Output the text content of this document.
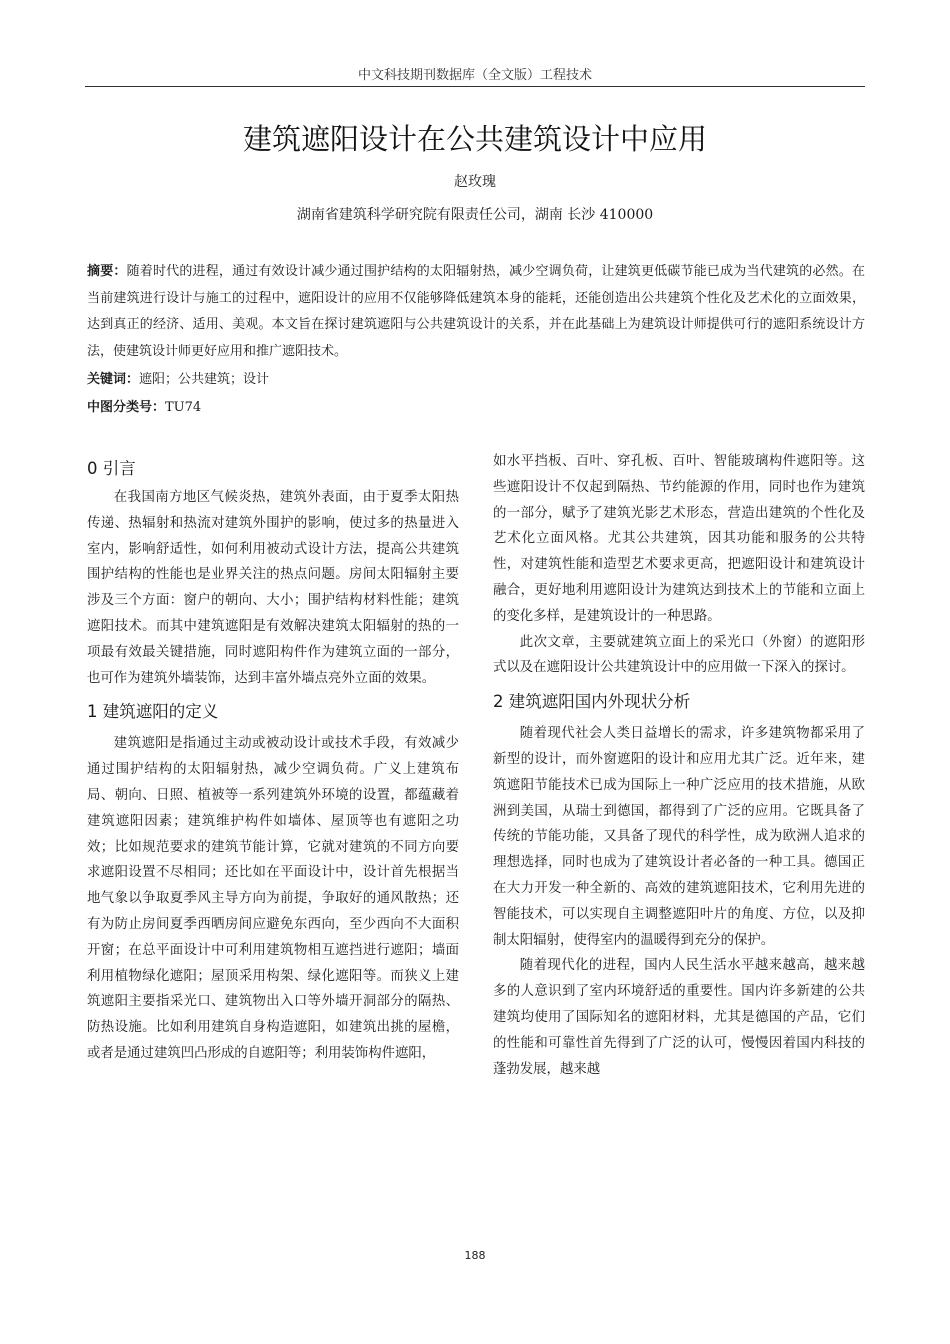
中文科技期刊数据库（全文版）工程技术
建筑遮阳设计在公共建筑设计中应用
赵玫瑰
湖南省建筑科学研究院有限责任公司，湖南 长沙 410000
摘要：随着时代的进程，通过有效设计减少通过围护结构的太阳辐射热，减少空调负荷，让建筑更低碳节能已成为当代建筑的必然。在当前建筑进行设计与施工的过程中，遮阳设计的应用不仅能够降低建筑本身的能耗，还能创造出公共建筑个性化及艺术化的立面效果，达到真正的经济、适用、美观。本文旨在探讨建筑遮阳与公共建筑设计的关系，并在此基础上为建筑设计师提供可行的遮阳系统设计方法，使建筑设计师更好应用和推广遮阳技术。
关键词：遮阳；公共建筑；设计
中图分类号：TU74
0 引言

在我国南方地区气候炎热，建筑外表面，由于夏季太阳热传递、热辐射和热流对建筑外围护的影响，使过多的热量进入室内，影响舒适性，如何利用被动式设计方法，提高公共建筑围护结构的性能也是业界关注的热点问题。房间太阳辐射主要涉及三个方面：窗户的朝向、大小；围护结构材料性能；建筑遮阳技术。而其中建筑遮阳是有效解决建筑太阳辐射的热的一项最有效最关键措施，同时遮阳构件作为建筑立面的一部分，也可作为建筑外墙装饰，达到丰富外墙点亮外立面的效果。

1 建筑遮阳的定义

建筑遮阳是指通过主动或被动设计或技术手段，有效减少通过围护结构的太阳辐射热，减少空调负荷。广义上建筑布局、朝向、日照、植被等一系列建筑外环境的设置，都蕴藏着建筑遮阳因素；建筑维护构件如墙体、屋顶等也有遮阳之功效；比如规范要求的建筑节能计算，它就对建筑的不同方向要求遮阳设置不尽相同；还比如在平面设计中，设计首先根据当地气象以争取夏季风主导方向为前提，争取好的通风散热；还有为防止房间夏季西晒房间应避免东西向，至少西向不大面积开窗；在总平面设计中可利用建筑物相互遮挡进行遮阳；墙面利用植物绿化遮阳；屋顶采用构架、绿化遮阳等。而狭义上建筑遮阳主要指采光口、建筑物出入口等外墙开洞部分的隔热、防热设施。比如利用建筑自身构造遮阳，如建筑出挑的屋檐，或者是通过建筑凹凸形成的自遮阳等；利用装饰构件遮阳，

如水平挡板、百叶、穿孔板、百叶、智能玻璃构件遮阳等。这些遮阳设计不仅起到隔热、节约能源的作用，同时也作为建筑的一部分，赋予了建筑光影艺术形态，营造出建筑的个性化及艺术化立面风格。尤其公共建筑，因其功能和服务的公共特性，对建筑性能和造型艺术要求更高，把遮阳设计和建筑设计融合，更好地利用遮阳设计为建筑达到技术上的节能和立面上的变化多样，是建筑设计的一种思路。

此次文章，主要就建筑立面上的采光口（外窗）的遮阳形式以及在遮阳设计公共建筑设计中的应用做一下深入的探讨。

2 建筑遮阳国内外现状分析

随着现代社会人类日益增长的需求，许多建筑物都采用了新型的设计，而外窗遮阳的设计和应用尤其广泛。近年来，建筑遮阳节能技术已成为国际上一种广泛应用的技术措施，从欧洲到美国，从瑞士到德国，都得到了广泛的应用。它既具备了传统的节能功能，又具备了现代的科学性，成为欧洲人追求的理想选择，同时也成为了建筑设计者必备的一种工具。德国正在大力开发一种全新的、高效的建筑遮阳技术，它利用先进的智能技术，可以实现自主调整遮阳叶片的角度、方位，以及抑制太阳辐射，使得室内的温暖得到充分的保护。

随着现代化的进程，国内人民生活水平越来越高，越来越多的人意识到了室内环境舒适的重要性。国内许多新建的公共建筑均使用了国际知名的遮阳材料，尤其是德国的产品，它们的性能和可靠性首先得到了广泛的认可，慢慢因着国内科技的蓬勃发展，越来越

188
